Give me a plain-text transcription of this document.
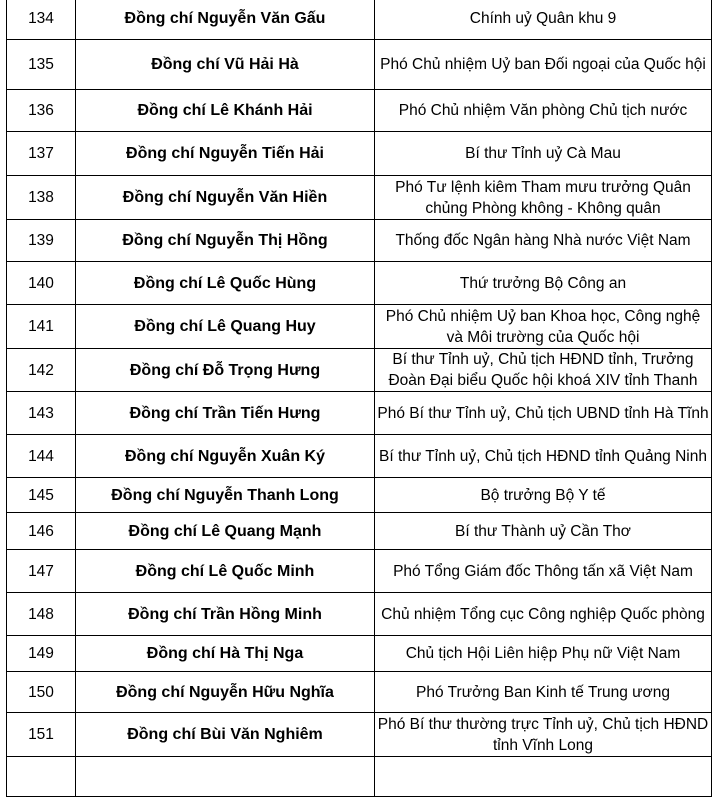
134	Đồng chí Nguyễn Văn Gấu	Chính uỷ Quân khu 9
135	Đồng chí Vũ Hải Hà	Phó Chủ nhiệm Uỷ ban Đối ngoại của Quốc hội
136	Đồng chí Lê Khánh Hải	Phó Chủ nhiệm Văn phòng Chủ tịch nước
137	Đồng chí Nguyễn Tiến Hải	Bí thư Tỉnh uỷ Cà Mau
138	Đồng chí Nguyễn Văn Hiền	Phó Tư lệnh kiêm Tham mưu trưởng Quân chủng Phòng không - Không quân
139	Đồng chí Nguyễn Thị Hồng	Thống đốc Ngân hàng Nhà nước Việt Nam
140	Đồng chí Lê Quốc Hùng	Thứ trưởng Bộ Công an
141	Đồng chí Lê Quang Huy	Phó Chủ nhiệm Uỷ ban Khoa học, Công nghệ và Môi trường của Quốc hội
142	Đồng chí Đỗ Trọng Hưng	Bí thư Tỉnh uỷ, Chủ tịch HĐND tỉnh, Trưởng Đoàn Đại biểu Quốc hội khoá XIV tỉnh Thanh
143	Đồng chí Trần Tiến Hưng	Phó Bí thư Tỉnh uỷ, Chủ tịch UBND tỉnh Hà Tĩnh
144	Đồng chí Nguyễn Xuân Ký	Bí thư Tỉnh uỷ, Chủ tịch HĐND tỉnh Quảng Ninh
145	Đồng chí Nguyễn Thanh Long	Bộ trưởng Bộ Y tế
146	Đồng chí Lê Quang Mạnh	Bí thư Thành uỷ Cần Thơ
147	Đồng chí Lê Quốc Minh	Phó Tổng Giám đốc Thông tấn xã Việt Nam
148	Đồng chí Trần Hồng Minh	Chủ nhiệm Tổng cục Công nghiệp Quốc phòng
149	Đồng chí Hà Thị Nga	Chủ tịch Hội Liên hiệp Phụ nữ Việt Nam
150	Đồng chí Nguyễn Hữu Nghĩa	Phó Trưởng Ban Kinh tế Trung ương
151	Đồng chí Bùi Văn Nghiêm	Phó Bí thư thường trực Tỉnh uỷ, Chủ tịch HĐND tỉnh Vĩnh Long
